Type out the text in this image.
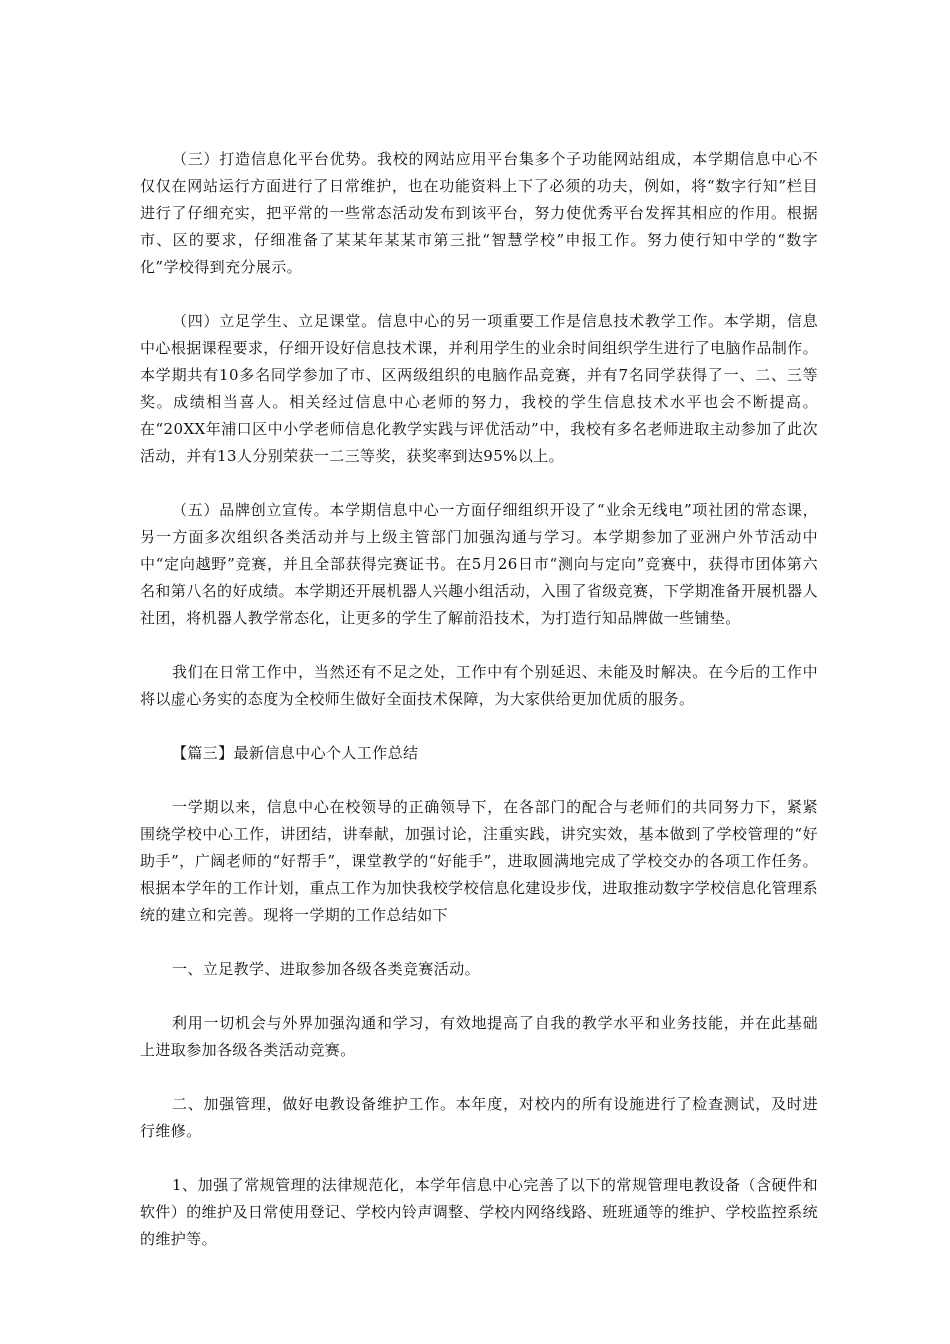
（三）打造信息化平台优势。我校的网站应用平台集多个子功能网站组成，本学期信息中心不仅仅在网站运行方面进行了日常维护，也在功能资料上下了必须的功夫，例如，将“数字行知”栏目进行了仔细充实，把平常的一些常态活动发布到该平台，努力使优秀平台发挥其相应的作用。根据市、区的要求，仔细准备了某某年某某市第三批“智慧学校”申报工作。努力使行知中学的“数字化”学校得到充分展示。

（四）立足学生、立足课堂。信息中心的另一项重要工作是信息技术教学工作。本学期，信息中心根据课程要求，仔细开设好信息技术课，并利用学生的业余时间组织学生进行了电脑作品制作。本学期共有10多名同学参加了市、区两级组织的电脑作品竞赛，并有7名同学获得了一、二、三等奖。成绩相当喜人。相关经过信息中心老师的努力，我校的学生信息技术水平也会不断提高。在“20XX年浦口区中小学老师信息化教学实践与评优活动”中，我校有多名老师进取主动参加了此次活动，并有13人分别荣获一二三等奖，获奖率到达95%以上。

（五）品牌创立宣传。本学期信息中心一方面仔细组织开设了“业余无线电”项社团的常态课，另一方面多次组织各类活动并与上级主管部门加强沟通与学习。本学期参加了亚洲户外节活动中中“定向越野”竞赛，并且全部获得完赛证书。在5月26日市“测向与定向”竞赛中，获得市团体第六名和第八名的好成绩。本学期还开展机器人兴趣小组活动，入围了省级竞赛，下学期准备开展机器人社团，将机器人教学常态化，让更多的学生了解前沿技术，为打造行知品牌做一些铺垫。

我们在日常工作中，当然还有不足之处，工作中有个别延迟、未能及时解决。在今后的工作中将以虚心务实的态度为全校师生做好全面技术保障，为大家供给更加优质的服务。

【篇三】最新信息中心个人工作总结

一学期以来，信息中心在校领导的正确领导下，在各部门的配合与老师们的共同努力下，紧紧围绕学校中心工作，讲团结，讲奉献，加强讨论，注重实践，讲究实效，基本做到了学校管理的“好助手”，广阔老师的“好帮手”，课堂教学的“好能手”，进取圆满地完成了学校交办的各项工作任务。根据本学年的工作计划，重点工作为加快我校学校信息化建设步伐，进取推动数字学校信息化管理系统的建立和完善。现将一学期的工作总结如下

一、立足教学、进取参加各级各类竞赛活动。

利用一切机会与外界加强沟通和学习，有效地提高了自我的教学水平和业务技能，并在此基础上进取参加各级各类活动竞赛。

二、加强管理，做好电教设备维护工作。本年度，对校内的所有设施进行了检查测试，及时进行维修。

1、加强了常规管理的法律规范化，本学年信息中心完善了以下的常规管理电教设备（含硬件和软件）的维护及日常使用登记、学校内铃声调整、学校内网络线路、班班通等的维护、学校监控系统的维护等。
